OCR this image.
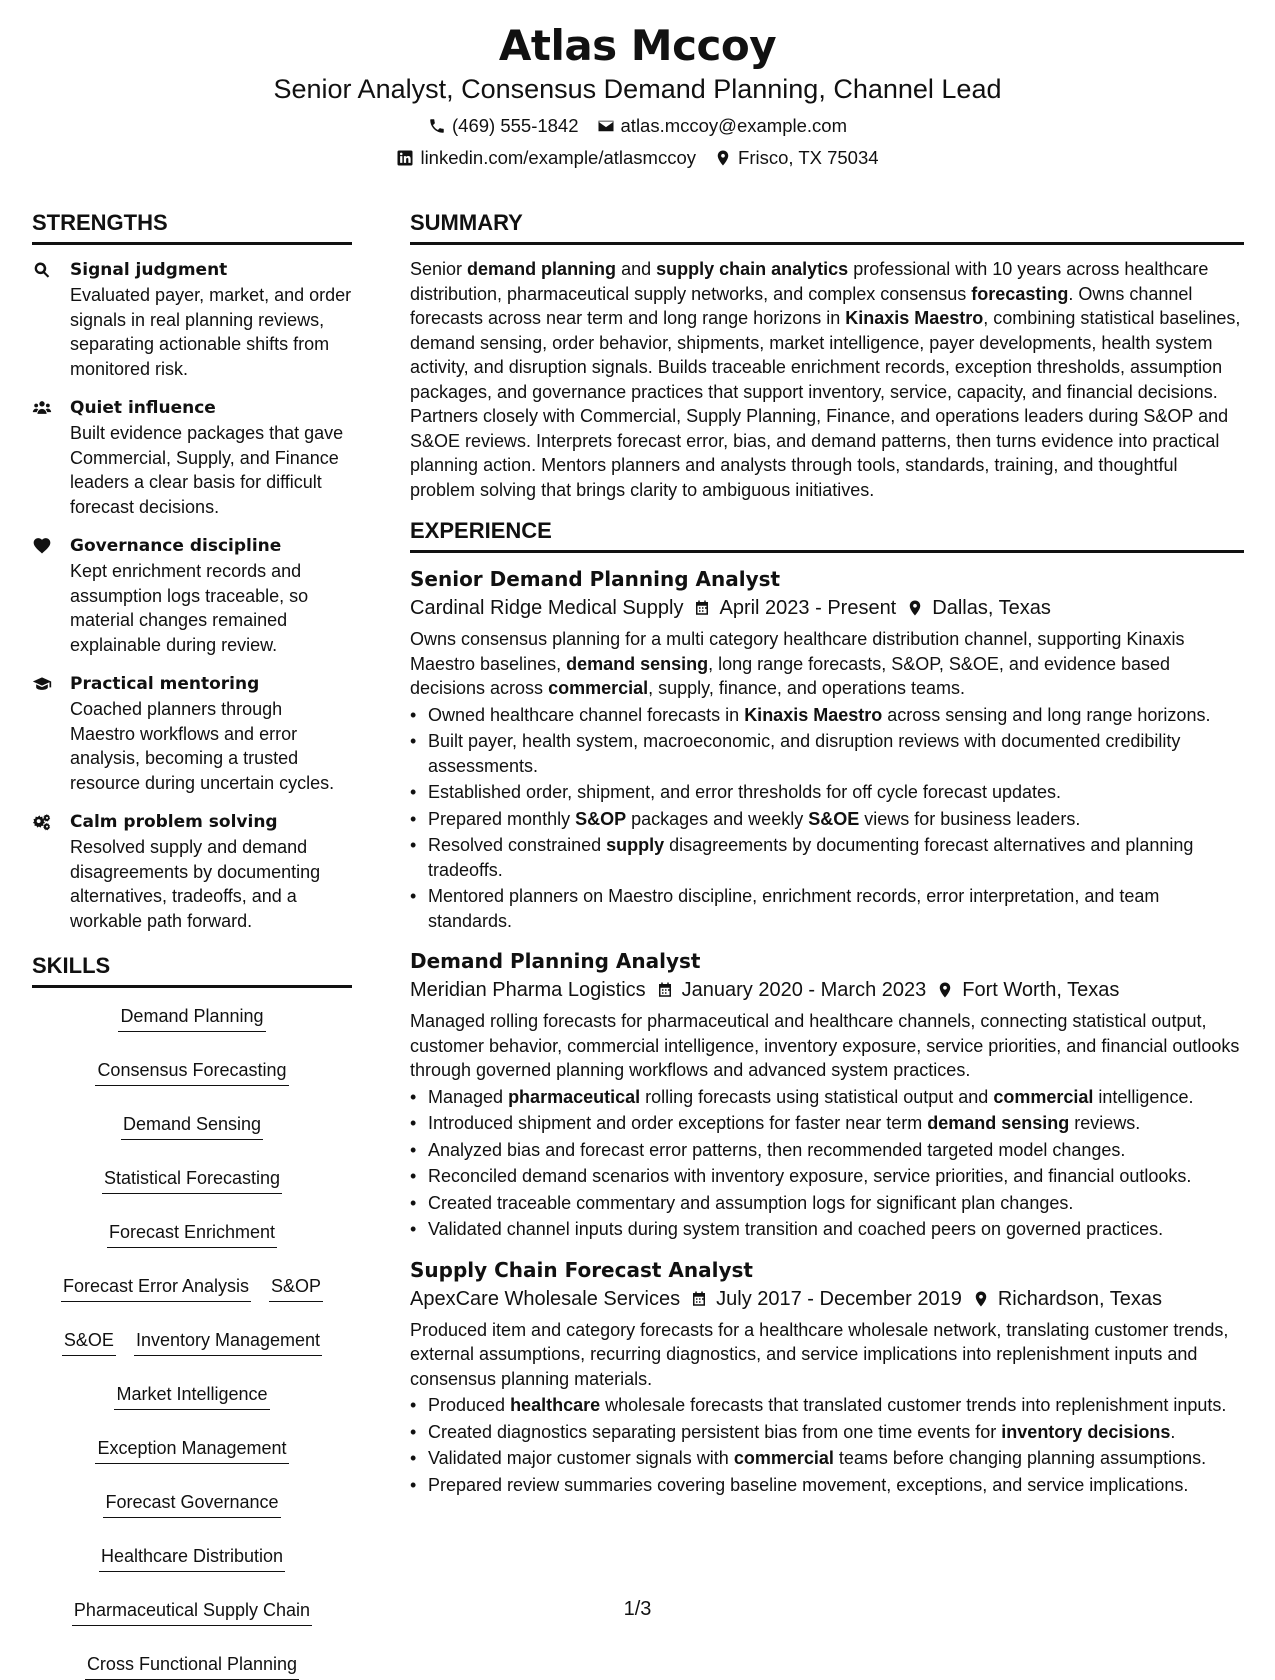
Atlas Mccoy
Senior Analyst, Consensus Demand Planning, Channel Lead
(469) 555-1842 atlas.mccoy@example.com
linkedin.com/example/atlasmccoy Frisco, TX 75034
STRENGTHS
Signal judgment
Evaluated payer, market, and order signals in real planning reviews, separating actionable shifts from monitored risk.
Quiet influence
Built evidence packages that gave Commercial, Supply, and Finance leaders a clear basis for difficult forecast decisions.
Governance discipline
Kept enrichment records and assumption logs traceable, so material changes remained explainable during review.
Practical mentoring
Coached planners through Maestro workflows and error analysis, becoming a trusted resource during uncertain cycles.
Calm problem solving
Resolved supply and demand disagreements by documenting alternatives, tradeoffs, and a workable path forward.
SKILLS
Demand Planning
Consensus Forecasting
Demand Sensing
Statistical Forecasting
Forecast Enrichment
Forecast Error Analysis S&OP
S&OE Inventory Management
Market Intelligence
Exception Management
Forecast Governance
Healthcare Distribution
Pharmaceutical Supply Chain
Cross Functional Planning
SUMMARY

Senior demand planning and supply chain analytics professional with 10 years across healthcare distribution, pharmaceutical supply networks, and complex consensus forecasting. Owns channel forecasts across near term and long range horizons in Kinaxis Maestro, combining statistical baselines, demand sensing, order behavior, shipments, market intelligence, payer developments, health system activity, and disruption signals. Builds traceable enrichment records, exception thresholds, assumption packages, and governance practices that support inventory, service, capacity, and financial decisions. Partners closely with Commercial, Supply Planning, Finance, and operations leaders during S&OP and S&OE reviews. Interprets forecast error, bias, and demand patterns, then turns evidence into practical planning action. Mentors planners and analysts through tools, standards, training, and thoughtful problem solving that brings clarity to ambiguous initiatives.

EXPERIENCE
Senior Demand Planning Analyst
Cardinal Ridge Medical Supply April 2023 - Present Dallas, Texas

Owns consensus planning for a multi category healthcare distribution channel, supporting Kinaxis Maestro baselines, demand sensing, long range forecasts, S&OP, S&OE, and evidence based decisions across commercial, supply, finance, and operations teams.

• Owned healthcare channel forecasts in Kinaxis Maestro across sensing and long range horizons.
• Built payer, health system, macroeconomic, and disruption reviews with documented credibility assessments.
• Established order, shipment, and error thresholds for off cycle forecast updates.
• Prepared monthly S&OP packages and weekly S&OE views for business leaders.
• Resolved constrained supply disagreements by documenting forecast alternatives and planning tradeoffs.
• Mentored planners on Maestro discipline, enrichment records, error interpretation, and team standards.
Demand Planning Analyst
Meridian Pharma Logistics January 2020 - March 2023 Fort Worth, Texas

Managed rolling forecasts for pharmaceutical and healthcare channels, connecting statistical output, customer behavior, commercial intelligence, inventory exposure, service priorities, and financial outlooks through governed planning workflows and advanced system practices.

• Managed pharmaceutical rolling forecasts using statistical output and commercial intelligence.
• Introduced shipment and order exceptions for faster near term demand sensing reviews.
• Analyzed bias and forecast error patterns, then recommended targeted model changes.
• Reconciled demand scenarios with inventory exposure, service priorities, and financial outlooks.
• Created traceable commentary and assumption logs for significant plan changes.
• Validated channel inputs during system transition and coached peers on governed practices.
Supply Chain Forecast Analyst
ApexCare Wholesale Services July 2017 - December 2019 Richardson, Texas

Produced item and category forecasts for a healthcare wholesale network, translating customer trends, external assumptions, recurring diagnostics, and service implications into replenishment inputs and consensus planning materials.

• Produced healthcare wholesale forecasts that translated customer trends into replenishment inputs.
• Created diagnostics separating persistent bias from one time events for inventory decisions.
• Validated major customer signals with commercial teams before changing planning assumptions.
• Prepared review summaries covering baseline movement, exceptions, and service implications.
1/3
